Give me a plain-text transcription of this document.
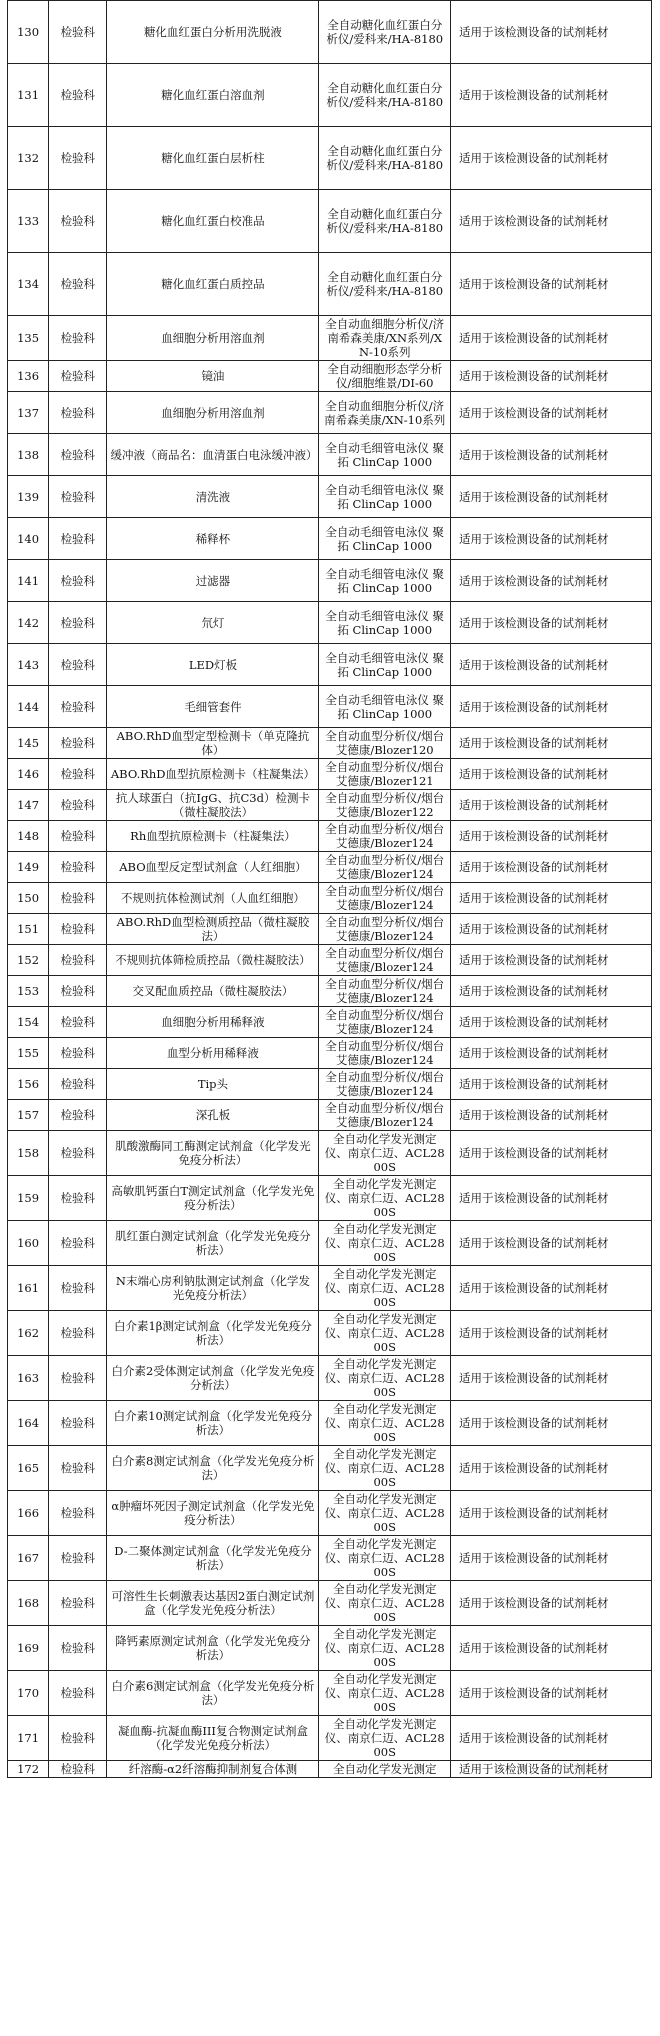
130	检验科	糖化血红蛋白分析用洗脱液	全自动糖化血红蛋白分析仪/爱科来/HA-8180	适用于该检测设备的试剂耗材
131	检验科	糖化血红蛋白溶血剂	全自动糖化血红蛋白分析仪/爱科来/HA-8180	适用于该检测设备的试剂耗材
132	检验科	糖化血红蛋白层析柱	全自动糖化血红蛋白分析仪/爱科来/HA-8180	适用于该检测设备的试剂耗材
133	检验科	糖化血红蛋白校准品	全自动糖化血红蛋白分析仪/爱科来/HA-8180	适用于该检测设备的试剂耗材
134	检验科	糖化血红蛋白质控品	全自动糖化血红蛋白分析仪/爱科来/HA-8180	适用于该检测设备的试剂耗材
135	检验科	血细胞分析用溶血剂	全自动血细胞分析仪/济南希森美康/XN系列/XN-10系列	适用于该检测设备的试剂耗材
136	检验科	镜油	全自动细胞形态学分析仪/细胞维景/DI-60	适用于该检测设备的试剂耗材
137	检验科	血细胞分析用溶血剂	全自动血细胞分析仪/济南希森美康/XN-10系列	适用于该检测设备的试剂耗材
138	检验科	缓冲液（商品名：血清蛋白电泳缓冲液）	全自动毛细管电泳仪 聚拓 ClinCap 1000	适用于该检测设备的试剂耗材
139	检验科	清洗液	全自动毛细管电泳仪 聚拓 ClinCap 1000	适用于该检测设备的试剂耗材
140	检验科	稀释杯	全自动毛细管电泳仪 聚拓 ClinCap 1000	适用于该检测设备的试剂耗材
141	检验科	过滤器	全自动毛细管电泳仪 聚拓 ClinCap 1000	适用于该检测设备的试剂耗材
142	检验科	氘灯	全自动毛细管电泳仪 聚拓 ClinCap 1000	适用于该检测设备的试剂耗材
143	检验科	LED灯板	全自动毛细管电泳仪 聚拓 ClinCap 1000	适用于该检测设备的试剂耗材
144	检验科	毛细管套件	全自动毛细管电泳仪 聚拓 ClinCap 1000	适用于该检测设备的试剂耗材
145	检验科	ABO.RhD血型定型检测卡（单克隆抗体）	全自动血型分析仪/烟台艾德康/Blozer120	适用于该检测设备的试剂耗材
146	检验科	ABO.RhD血型抗原检测卡（柱凝集法）	全自动血型分析仪/烟台艾德康/Blozer121	适用于该检测设备的试剂耗材
147	检验科	抗人球蛋白（抗IgG、抗C3d）检测卡（微柱凝胶法）	全自动血型分析仪/烟台艾德康/Blozer122	适用于该检测设备的试剂耗材
148	检验科	Rh血型抗原检测卡（柱凝集法）	全自动血型分析仪/烟台艾德康/Blozer124	适用于该检测设备的试剂耗材
149	检验科	ABO血型反定型试剂盒（人红细胞）	全自动血型分析仪/烟台艾德康/Blozer124	适用于该检测设备的试剂耗材
150	检验科	不规则抗体检测试剂（人血红细胞）	全自动血型分析仪/烟台艾德康/Blozer124	适用于该检测设备的试剂耗材
151	检验科	ABO.RhD血型检测质控品（微柱凝胶法）	全自动血型分析仪/烟台艾德康/Blozer124	适用于该检测设备的试剂耗材
152	检验科	不规则抗体筛检质控品（微柱凝胶法）	全自动血型分析仪/烟台艾德康/Blozer124	适用于该检测设备的试剂耗材
153	检验科	交叉配血质控品（微柱凝胶法）	全自动血型分析仪/烟台艾德康/Blozer124	适用于该检测设备的试剂耗材
154	检验科	血细胞分析用稀释液	全自动血型分析仪/烟台艾德康/Blozer124	适用于该检测设备的试剂耗材
155	检验科	血型分析用稀释液	全自动血型分析仪/烟台艾德康/Blozer124	适用于该检测设备的试剂耗材
156	检验科	Tip头	全自动血型分析仪/烟台艾德康/Blozer124	适用于该检测设备的试剂耗材
157	检验科	深孔板	全自动血型分析仪/烟台艾德康/Blozer124	适用于该检测设备的试剂耗材
158	检验科	肌酸激酶同工酶测定试剂盒（化学发光免疫分析法）	全自动化学发光测定仪、南京仁迈、ACL2800S	适用于该检测设备的试剂耗材
159	检验科	高敏肌钙蛋白T测定试剂盒（化学发光免疫分析法）	全自动化学发光测定仪、南京仁迈、ACL2800S	适用于该检测设备的试剂耗材
160	检验科	肌红蛋白测定试剂盒（化学发光免疫分析法）	全自动化学发光测定仪、南京仁迈、ACL2800S	适用于该检测设备的试剂耗材
161	检验科	N末端心房利钠肽测定试剂盒（化学发光免疫分析法）	全自动化学发光测定仪、南京仁迈、ACL2800S	适用于该检测设备的试剂耗材
162	检验科	白介素1β测定试剂盒（化学发光免疫分析法）	全自动化学发光测定仪、南京仁迈、ACL2800S	适用于该检测设备的试剂耗材
163	检验科	白介素2受体测定试剂盒（化学发光免疫分析法）	全自动化学发光测定仪、南京仁迈、ACL2800S	适用于该检测设备的试剂耗材
164	检验科	白介素10测定试剂盒（化学发光免疫分析法）	全自动化学发光测定仪、南京仁迈、ACL2800S	适用于该检测设备的试剂耗材
165	检验科	白介素8测定试剂盒（化学发光免疫分析法）	全自动化学发光测定仪、南京仁迈、ACL2800S	适用于该检测设备的试剂耗材
166	检验科	α肿瘤坏死因子测定试剂盒（化学发光免疫分析法）	全自动化学发光测定仪、南京仁迈、ACL2800S	适用于该检测设备的试剂耗材
167	检验科	D-二聚体测定试剂盒（化学发光免疫分析法）	全自动化学发光测定仪、南京仁迈、ACL2800S	适用于该检测设备的试剂耗材
168	检验科	可溶性生长刺激表达基因2蛋白测定试剂盒（化学发光免疫分析法）	全自动化学发光测定仪、南京仁迈、ACL2800S	适用于该检测设备的试剂耗材
169	检验科	降钙素原测定试剂盒（化学发光免疫分析法）	全自动化学发光测定仪、南京仁迈、ACL2800S	适用于该检测设备的试剂耗材
170	检验科	白介素6测定试剂盒（化学发光免疫分析法）	全自动化学发光测定仪、南京仁迈、ACL2800S	适用于该检测设备的试剂耗材
171	检验科	凝血酶-抗凝血酶III复合物测定试剂盒（化学发光免疫分析法）	全自动化学发光测定仪、南京仁迈、ACL2800S	适用于该检测设备的试剂耗材
172	检验科	纤溶酶-α2纤溶酶抑制剂复合体测	全自动化学发光测定	适用于该检测设备的试剂耗材
